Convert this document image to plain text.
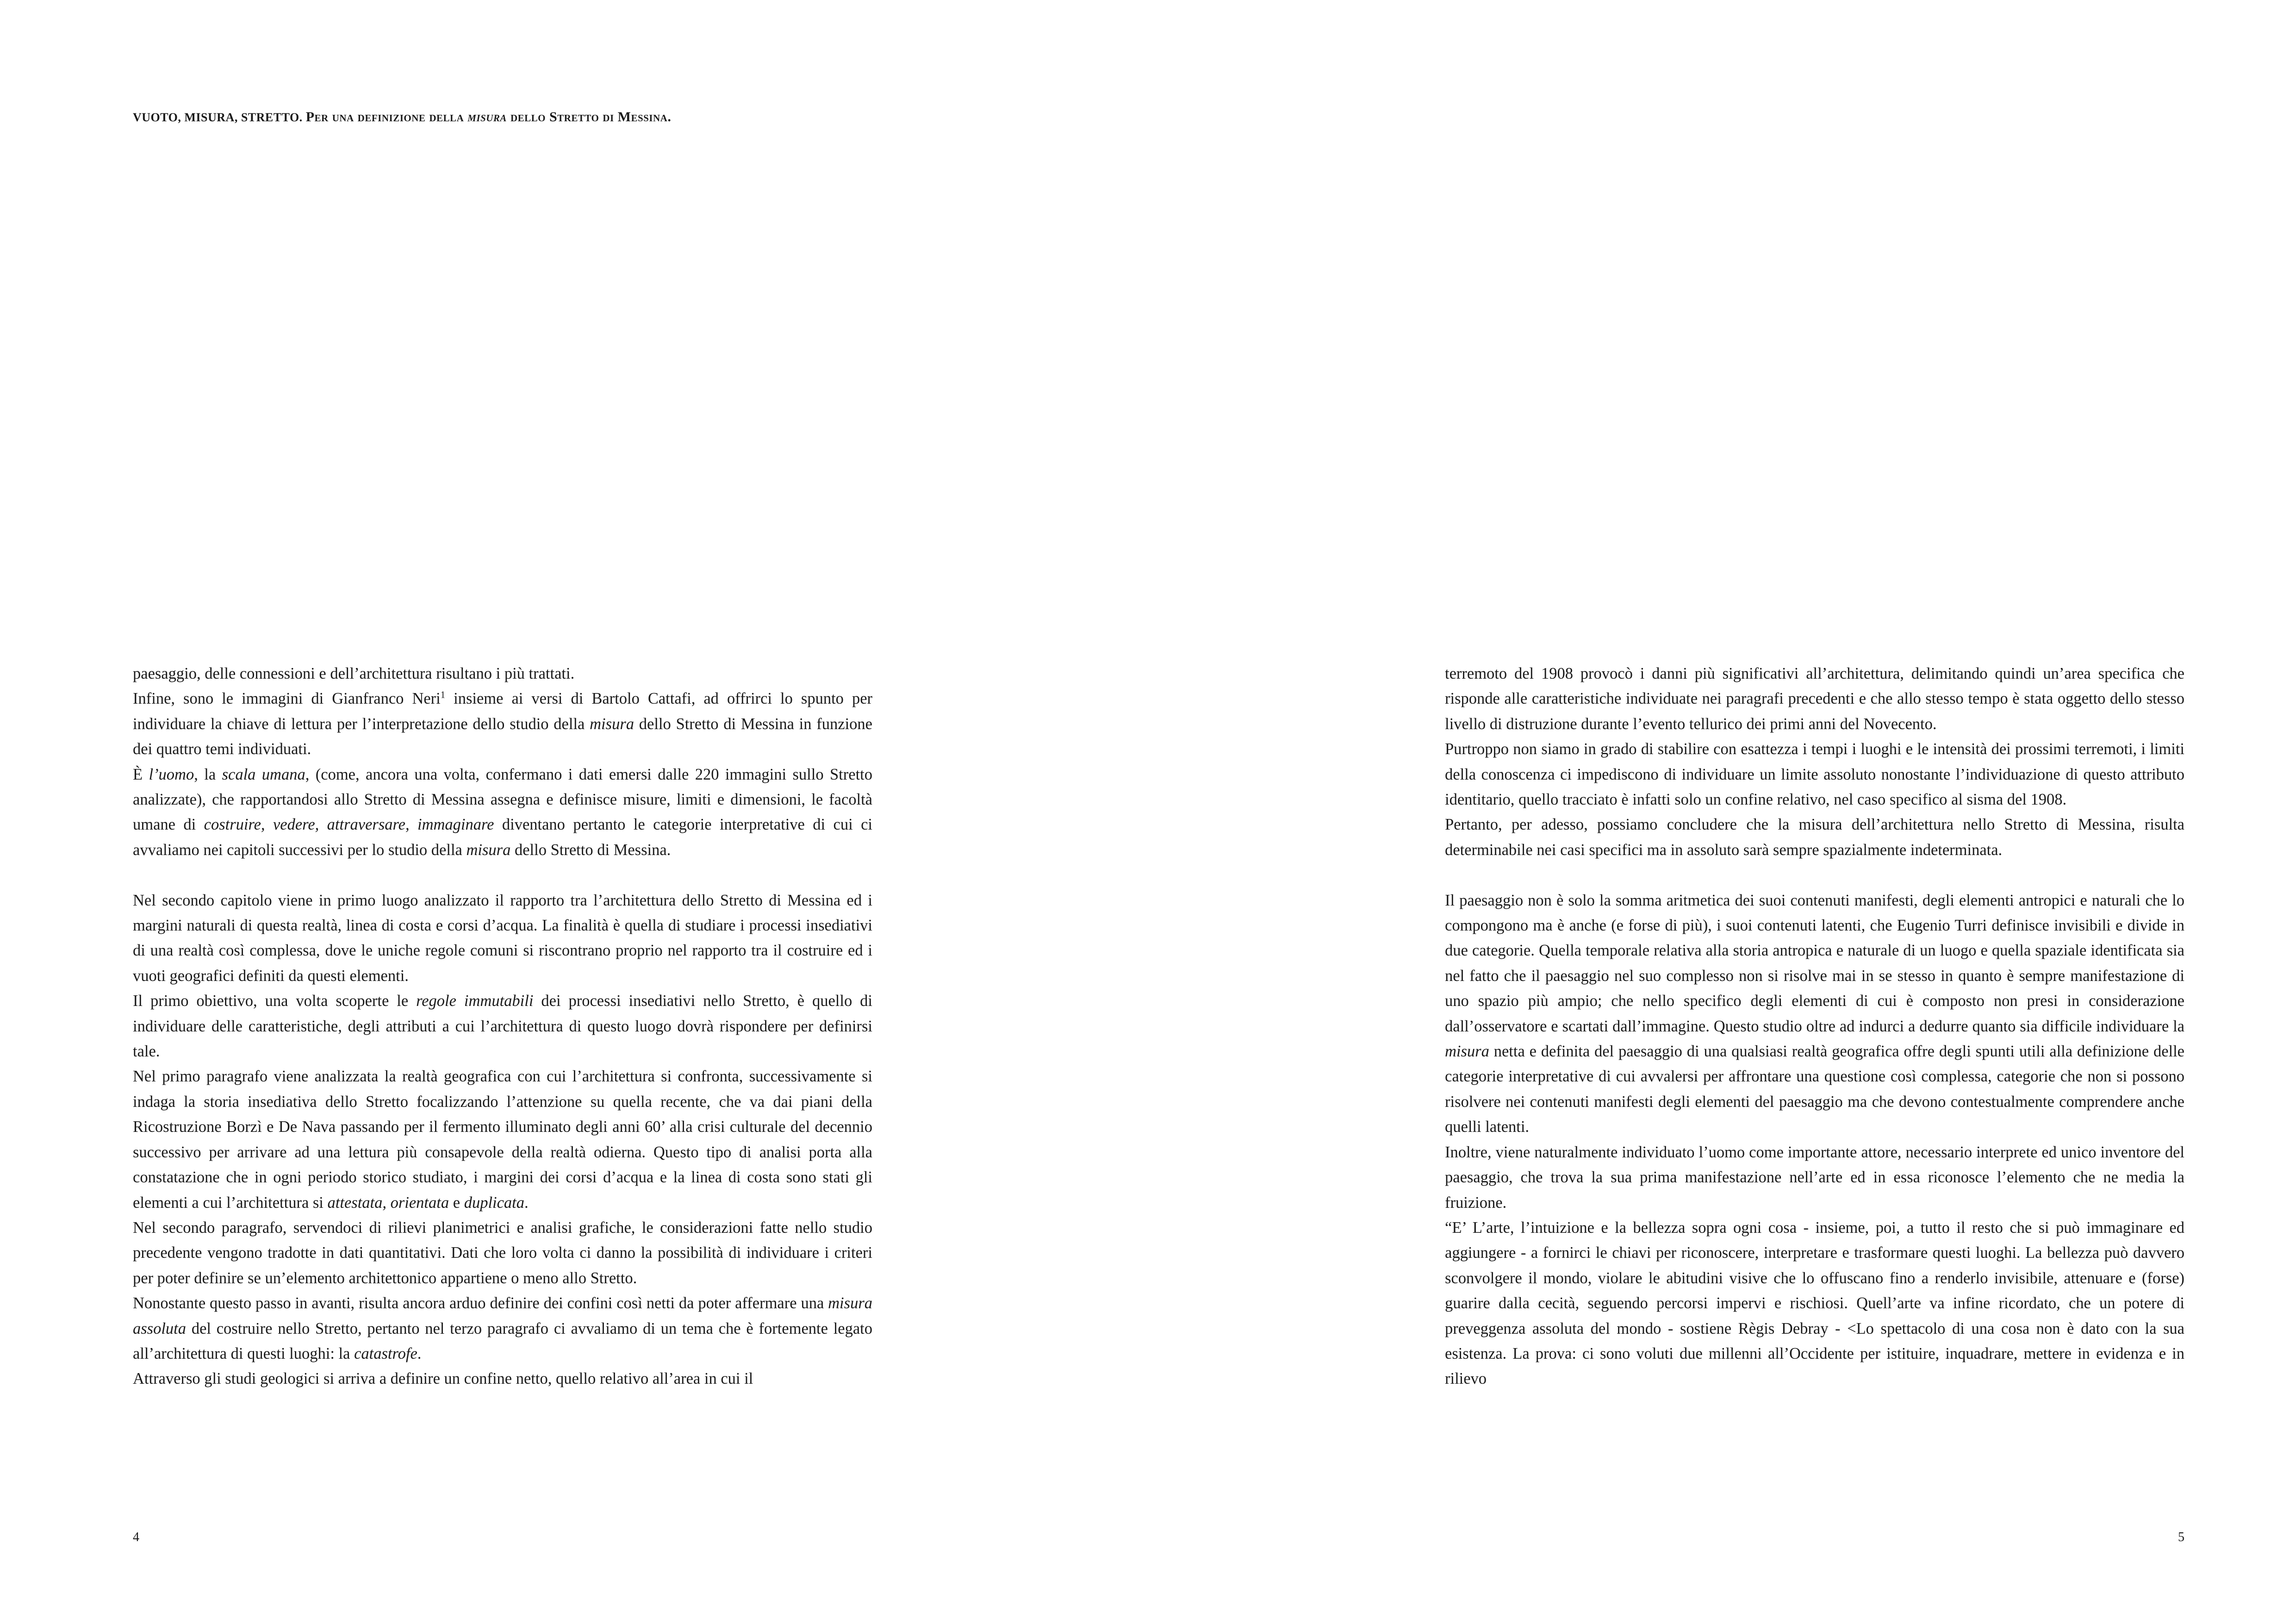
VUOTO, MISURA, STRETTO. Per una definizione della misura dello Stretto di Messina.

paesaggio, delle connessioni e dell’architettura risultano i più trattati.

Infine, sono le immagini di Gianfranco Neri$^1$ insieme ai versi di Bartolo Cattafi, ad offrirci lo spunto per individuare la chiave di lettura per l’interpretazione dello studio della misura dello Stretto di Messina in funzione dei quattro temi individuati.

È l’uomo, la scala umana, (come, ancora una volta, confermano i dati emersi dalle 220 immagini sullo Stretto analizzate), che rapportandosi allo Stretto di Messina assegna e definisce misure, limiti e dimensioni, le facoltà umane di costruire, vedere, attraversare, immaginare diventano pertanto le categorie interpretative di cui ci avvaliamo nei capitoli successivi per lo studio della misura dello Stretto di Messina.

Nel secondo capitolo viene in primo luogo analizzato il rapporto tra l’architettura dello Stretto di Messina ed i margini naturali di questa realtà, linea di costa e corsi d’acqua. La finalità è quella di studiare i processi insediativi di una realtà così complessa, dove le uniche regole comuni si riscontrano proprio nel rapporto tra il costruire ed i vuoti geografici definiti da questi elementi.

Il primo obiettivo, una volta scoperte le regole immutabili dei processi insediativi nello Stretto, è quello di individuare delle caratteristiche, degli attributi a cui l’architettura di questo luogo dovrà rispondere per definirsi tale.

Nel primo paragrafo viene analizzata la realtà geografica con cui l’architettura si confronta, successivamente si indaga la storia insediativa dello Stretto focalizzando l’attenzione su quella recente, che va dai piani della Ricostruzione Borzì e De Nava passando per il fermento illuminato degli anni 60’ alla crisi culturale del decennio successivo per arrivare ad una lettura più consapevole della realtà odierna. Questo tipo di analisi porta alla constatazione che in ogni periodo storico studiato, i margini dei corsi d’acqua e la linea di costa sono stati gli elementi a cui l’architettura si attestata, orientata e duplicata.

Nel secondo paragrafo, servendoci di rilievi planimetrici e analisi grafiche, le considerazioni fatte nello studio precedente vengono tradotte in dati quantitativi. Dati che loro volta ci danno la possibilità di individuare i criteri per poter definire se un’elemento architettonico appartiene o meno allo Stretto.

Nonostante questo passo in avanti, risulta ancora arduo definire dei confini così netti da poter affermare una misura assoluta del costruire nello Stretto, pertanto nel terzo paragrafo ci avvaliamo di un tema che è fortemente legato all’architettura di questi luoghi: la catastrofe.

Attraverso gli studi geologici si arriva a definire un confine netto, quello relativo all’area in cui il

terremoto del 1908 provocò i danni più significativi all’architettura, delimitando quindi un’area specifica che risponde alle caratteristiche individuate nei paragrafi precedenti e che allo stesso tempo è stata oggetto dello stesso livello di distruzione durante l’evento tellurico dei primi anni del Novecento.

Purtroppo non siamo in grado di stabilire con esattezza i tempi i luoghi e le intensità dei prossimi terremoti, i limiti della conoscenza ci impediscono di individuare un limite assoluto nonostante l’individuazione di questo attributo identitario, quello tracciato è infatti solo un confine relativo, nel caso specifico al sisma del 1908.

Pertanto, per adesso, possiamo concludere che la misura dell’architettura nello Stretto di Messina, risulta determinabile nei casi specifici ma in assoluto sarà sempre spazialmente indeterminata.

Il paesaggio non è solo la somma aritmetica dei suoi contenuti manifesti, degli elementi antropici e naturali che lo compongono ma è anche (e forse di più), i suoi contenuti latenti, che Eugenio Turri definisce invisibili e divide in due categorie. Quella temporale relativa alla storia antropica e naturale di un luogo e quella spaziale identificata sia nel fatto che il paesaggio nel suo complesso non si risolve mai in se stesso in quanto è sempre manifestazione di uno spazio più ampio; che nello specifico degli elementi di cui è composto non presi in considerazione dall’osservatore e scartati dall’immagine. Questo studio oltre ad indurci a dedurre quanto sia difficile individuare la misura netta e definita del paesaggio di una qualsiasi realtà geografica offre degli spunti utili alla definizione delle categorie interpretative di cui avvalersi per affrontare una questione così complessa, categorie che non si possono risolvere nei contenuti manifesti degli elementi del paesaggio ma che devono contestualmente comprendere anche quelli latenti.

Inoltre, viene naturalmente individuato l’uomo come importante attore, necessario interprete ed unico inventore del paesaggio, che trova la sua prima manifestazione nell’arte ed in essa riconosce l’elemento che ne media la fruizione.

“E’ L’arte, l’intuizione e la bellezza sopra ogni cosa - insieme, poi, a tutto il resto che si può immaginare ed aggiungere - a fornirci le chiavi per riconoscere, interpretare e trasformare questi luoghi. La bellezza può davvero sconvolgere il mondo, violare le abitudini visive che lo offuscano fino a renderlo invisibile, attenuare e (forse) guarire dalla cecità, seguendo percorsi impervi e rischiosi. Quell’arte va infine ricordato, che un potere di preveggenza assoluta del mondo - sostiene Règis Debray - <Lo spettacolo di una cosa non è dato con la sua esistenza. La prova: ci sono voluti due millenni all’Occidente per istituire, inquadrare, mettere in evidenza e in rilievo

4	5
